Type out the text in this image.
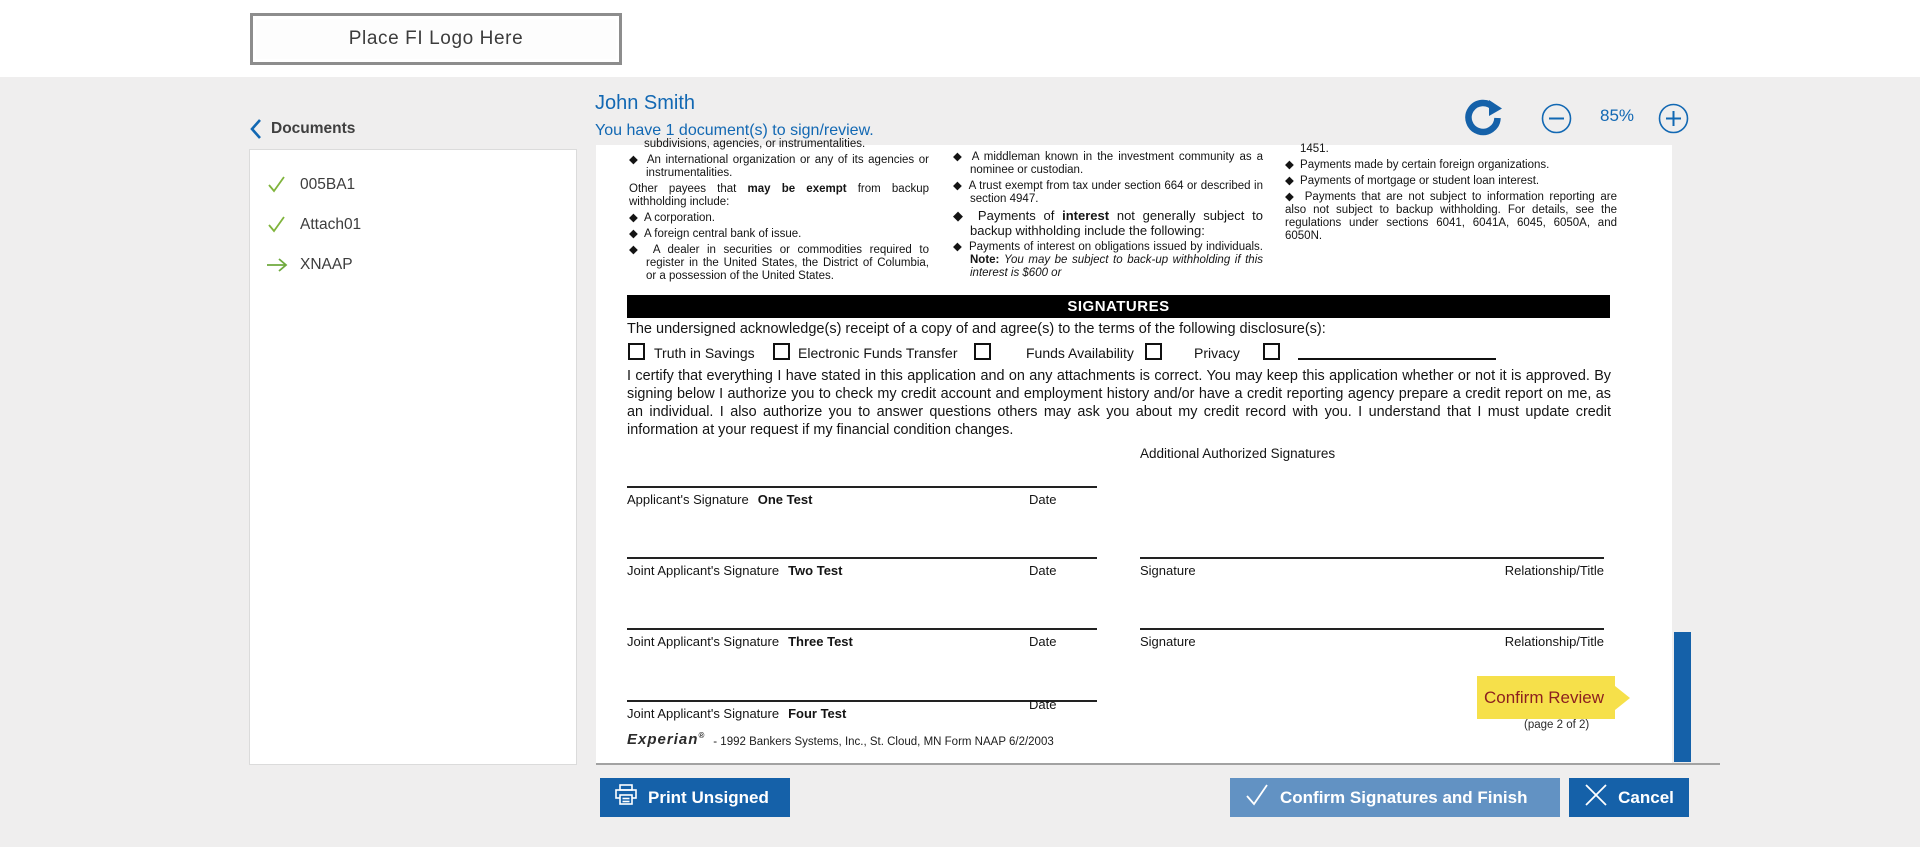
Place FI Logo Here
John Smith
You have 1 document(s) to sign/review.
85%
Documents
005BA1
Attach01
XNAAP
subdivisions, agencies, or instrumentalities.
◆ An international organization or any of its agencies or instrumentalities.
Other payees that may be exempt from backup withholding include:
◆ A corporation.
◆ A foreign central bank of issue.
◆ A dealer in securities or commodities required to register in the United States, the District of Columbia, or a possession of the United States.
◆ A middleman known in the investment community as a nominee or custodian.
◆ A trust exempt from tax under section 664 or described in section 4947.
◆ Payments of interest not generally subject to backup withholding include the following:
◆ Payments of interest on obligations issued by individuals. Note: You may be subject to back-up withholding if this interest is $600 or
1451.
◆ Payments made by certain foreign organizations.
◆ Payments of mortgage or student loan interest.
◆ Payments that are not subject to information reporting are also not subject to backup withholding. For details, see the regulations under sections 6041, 6041A, 6045, 6050A, and 6050N.
SIGNATURES
The undersigned acknowledge(s) receipt of a copy of and agree(s) to the terms of the following disclosure(s):
Truth in Savings	Electronic Funds Transfer	Funds Availability	Privacy
I certify that everything I have stated in this application and on any attachments is correct. You may keep this application whether or not it is approved. By signing below I authorize you to check my credit account and employment history and/or have a credit reporting agency prepare a credit report on me, as an individual. I also authorize you to answer questions others may ask you about my credit record with you. I understand that I must update credit information at your request if my financial condition changes.
Additional Authorized Signatures
Applicant's Signature One Test	Date
Joint Applicant's Signature Two Test	Date	Signature	Relationship/Title
Joint Applicant's Signature Three Test	Date	Signature	Relationship/Title
Joint Applicant's Signature Four Test
Date
Experian®
- 1992 Bankers Systems, Inc., St. Cloud, MN Form NAAP 6/2/2003
(page 2 of 2)
Confirm Review
Print Unsigned	Confirm Signatures and Finish	Cancel
